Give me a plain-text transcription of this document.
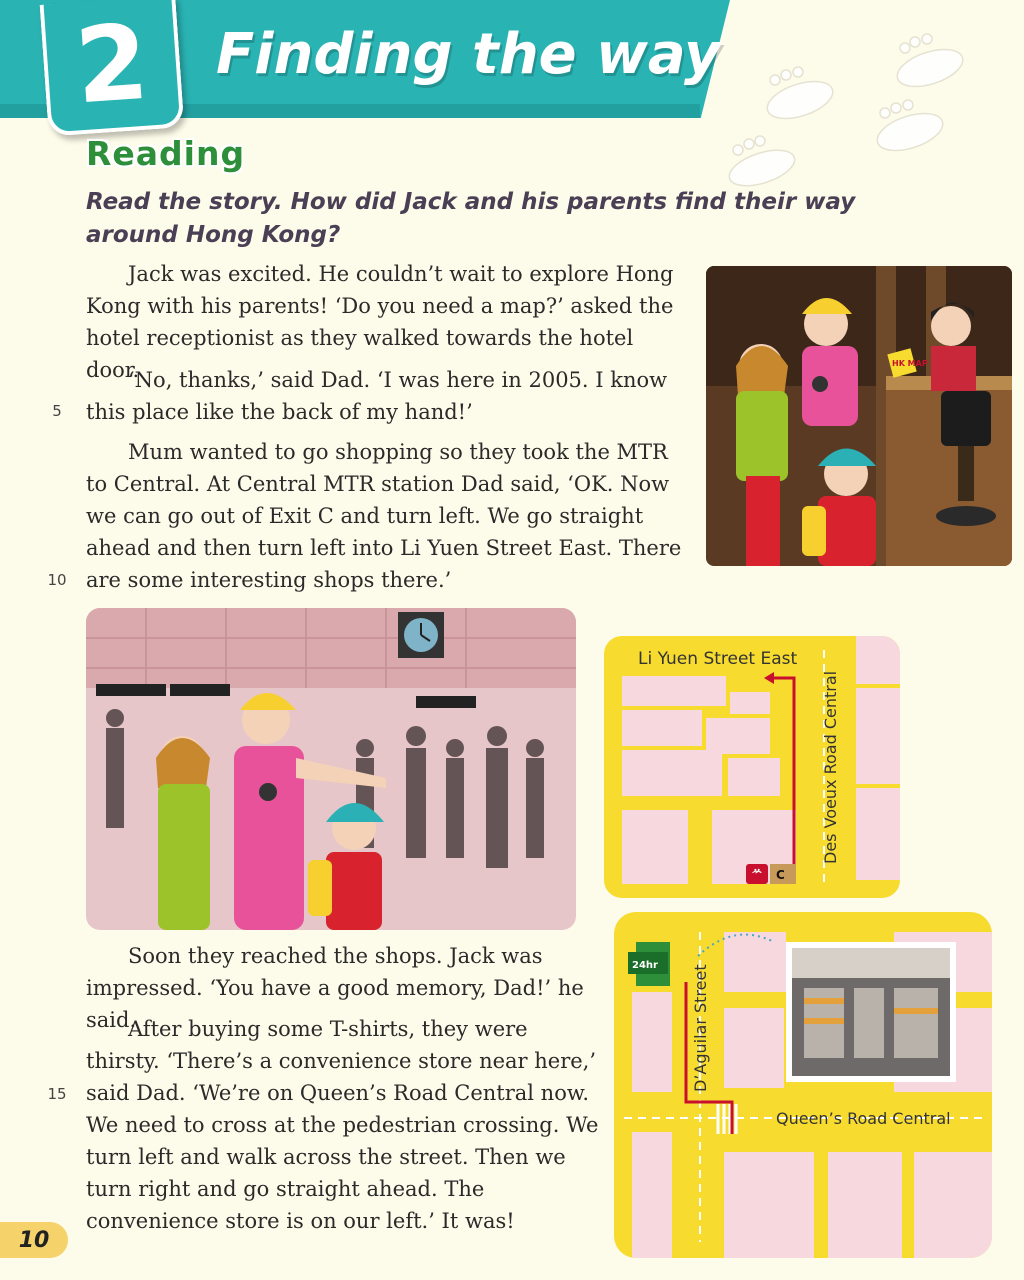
2	Finding the way
Reading
Read the story. How did Jack and his parents find their way around Hong Kong?
Jack was excited. He couldn’t wait to explore Hong Kong with his parents! ‘Do you need a map?’ asked the hotel receptionist as they walked towards the hotel door.
‘No, thanks,’ said Dad. ‘I was here in 2005. I know this place like the back of my hand!’
Mum wanted to go shopping so they took the MTR to Central. At Central MTR station Dad said, ‘OK. Now we can go out of Exit C and turn left. We go straight ahead and then turn left into Li Yuen Street East. There are some interesting shops there.’
Soon they reached the shops. Jack was impressed. ‘You have a good memory, Dad!’ he said.
After buying some T-shirts, they were thirsty. ‘There’s a convenience store near here,’ said Dad. ‘We’re on Queen’s Road Central now. We need to cross at the pedestrian crossing. We turn left and walk across the street. Then we turn right and go straight ahead. The convenience store is on our left.’ It was!
5
10
15
HK MAP
ᄊ C
Li Yuen Street East
Des Voeux Road Central
24hr D’Aguilar Street
Queen’s Road Central
10
